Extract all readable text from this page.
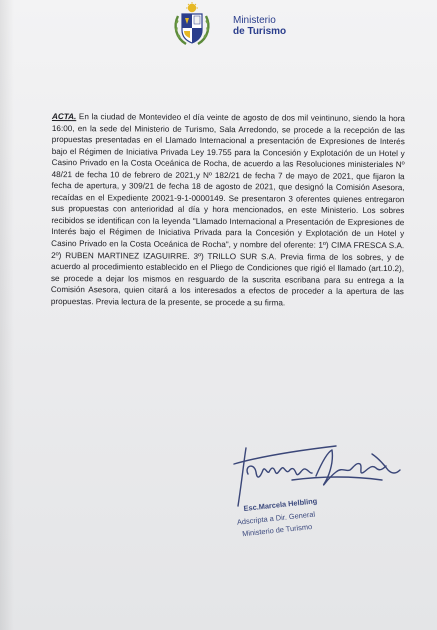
Ministerio
de Turismo
ACTA. En la ciudad de Montevideo el día veinte de agosto de dos mil veintinuno, siendo la hora 16:00, en la sede del Ministerio de Turismo, Sala Arredondo, se procede a la recepción de las propuestas presentadas en el Llamado Internacional a presentación de Expresiones de Interés bajo el Régimen de Iniciativa Privada Ley 19.755 para la Concesión y Explotación de un Hotel y Casino Privado en la Costa Oceánica de Rocha, de acuerdo a las Resoluciones ministeriales Nº 48/21 de fecha 10 de febrero de 2021,y Nº 182/21 de fecha 7 de mayo de 2021, que fijaron la fecha de apertura, y 309/21 de fecha 18 de agosto de 2021, que designó la Comisión Asesora, recaídas en el Expediente 20021-9-1-0000149. Se presentaron 3 oferentes quienes entregaron sus propuestas con anterioridad al día y hora mencionados, en este Ministerio. Los sobres recibidos se identifican con la leyenda "Llamado Internacional a Presentación de Expresiones de Interés bajo el Régimen de Iniciativa Privada para la Concesión y Explotación de un Hotel y Casino Privado en la Costa Oceánica de Rocha", y nombre del oferente: 1º) CIMA FRESCA S.A. 2º) RUBEN MARTINEZ IZAGUIRRE. 3º) TRILLO SUR S.A. Previa firma de los sobres, y de acuerdo al procedimiento establecido en el Pliego de Condiciones que rigió el llamado (art.10.2), se procede a dejar los mismos en resguardo de la suscrita escribana para su entrega a la Comisión Asesora, quien citará a los interesados a efectos de proceder a la apertura de las propuestas. Previa lectura de la presente, se procede a su firma.
Esc.Marcela Helbling
Adscripta a Dir. General
Ministerio de Turismo
